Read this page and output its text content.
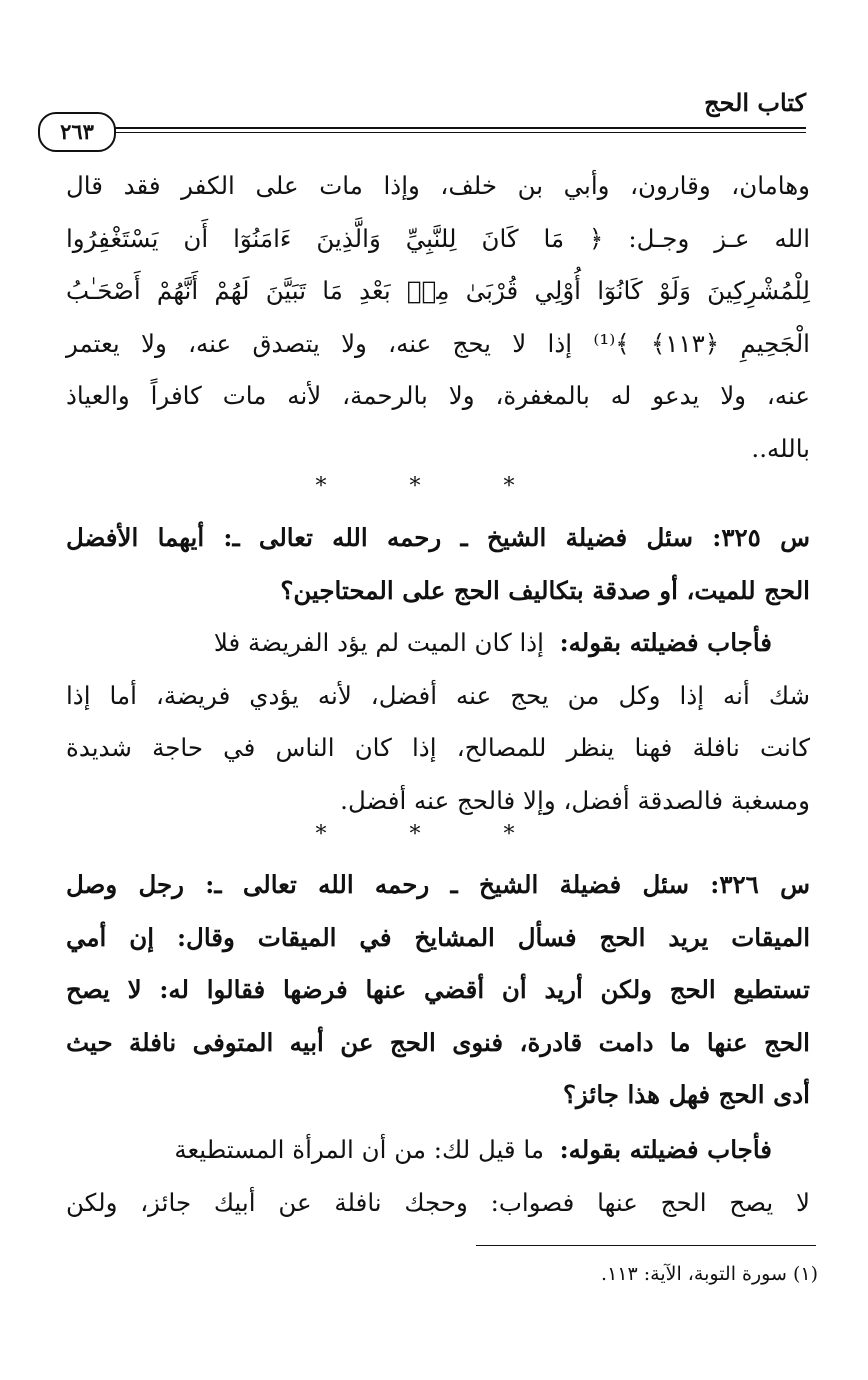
كتاب الحج
٢٦٣
وهامان، وقارون، وأبي بن خلف، وإذا مات على الكفر فقد قال
الله عـز وجـل: ﴿ مَا كَانَ لِلنَّبِيِّ وَالَّذِينَ ءَامَنُوٓا أَن يَسْتَغْفِرُوا
لِلْمُشْرِكِينَ وَلَوْ كَانُوٓا أُوْلِي قُرْبَىٰ مِنۢ بَعْدِ مَا تَبَيَّنَ لَهُمْ أَنَّهُمْ أَصْحَـٰبُ
الْجَحِيمِ ﴿١١٣﴾ ﴾⁽¹⁾ إذا لا يحج عنه، ولا يتصدق عنه، ولا يعتمر
عنه، ولا يدعو له بالمغفرة، ولا بالرحمة، لأنه مات كافراً والعياذ
بالله..
* * *
س ٣٢٥: سئل فضيلة الشيخ ـ رحمه الله تعالى ـ: أيهما الأفضل
الحج للميت، أو صدقة بتكاليف الحج على المحتاجين؟
فأجاب فضيلته بقوله:  إذا كان الميت لم يؤد الفريضة فلا
شك أنه إذا وكل من يحج عنه أفضل، لأنه يؤدي فريضة، أما إذا
كانت نافلة فهنا ينظر للمصالح، إذا كان الناس في حاجة شديدة
ومسغبة فالصدقة أفضل، وإلا فالحج عنه أفضل.
* * *
س ٣٢٦: سئل فضيلة الشيخ ـ رحمه الله تعالى ـ: رجل وصل
الميقات يريد الحج فسأل المشايخ في الميقات وقال: إن أمي
تستطيع الحج ولكن أريد أن أقضي عنها فرضها فقالوا له: لا يصح
الحج عنها ما دامت قادرة، فنوى الحج عن أبيه المتوفى نافلة حيث
أدى الحج فهل هذا جائز؟
فأجاب فضيلته بقوله:  ما قيل لك: من أن المرأة المستطيعة
لا يصح الحج عنها فصواب: وحجك نافلة عن أبيك جائز، ولكن
(١) سورة التوبة، الآية: ١١٣.
